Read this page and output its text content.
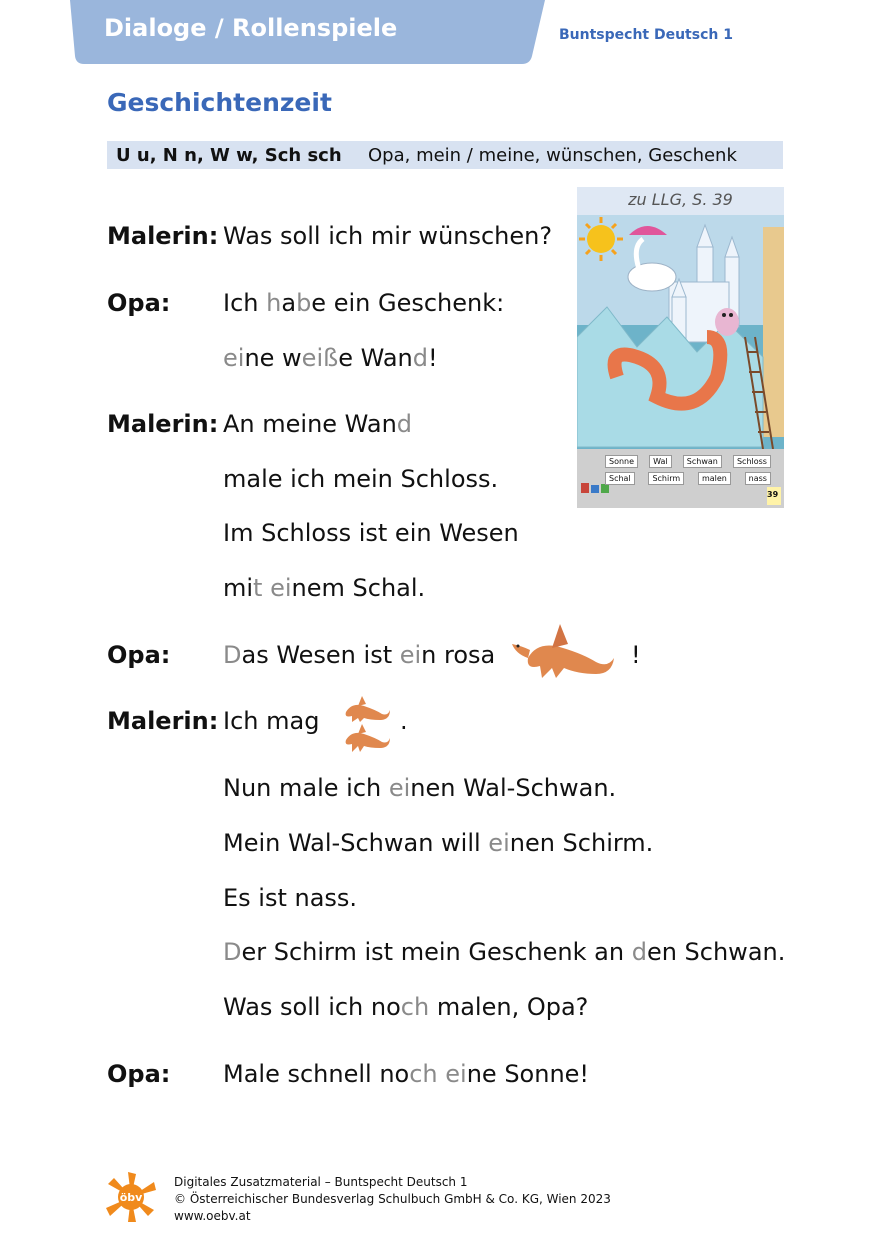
Dialoge / Rollenspiele	Buntspecht Deutsch 1
Geschichtenzeit
U u, N n, W w, Sch sch Opa, mein / meine, wünschen, Geschenk
zu LLG, S. 39
Sonne	Wal	Schwan	Schloss
Schal	Schirm	malen	nass
39
Malerin: Was soll ich mir wünschen?
Opa: Ich habe ein Geschenk:
eine weiße Wand!
Malerin: An meine Wand
male ich mein Schloss.
Im Schloss ist ein Wesen
mit einem Schal.
Opa: Das Wesen ist ein rosa	!
Malerin: Ich mag	.
Nun male ich einen Wal-Schwan.
Mein Wal-Schwan will einen Schirm.
Es ist nass.
Der Schirm ist mein Geschenk an den Schwan.
Was soll ich noch malen, Opa?
Opa: Male schnell noch eine Sonne!
öbv
Digitales Zusatzmaterial – Buntspecht Deutsch 1
© Österreichischer Bundesverlag Schulbuch GmbH & Co. KG, Wien 2023
www.oebv.at
